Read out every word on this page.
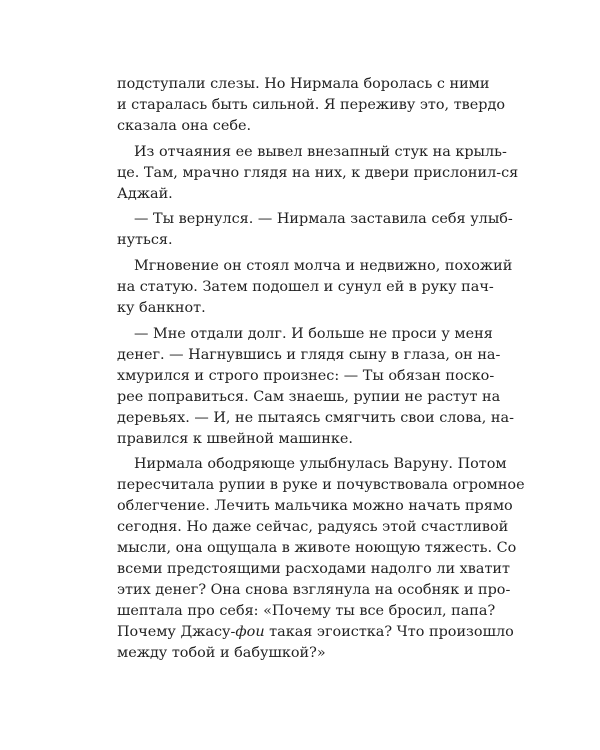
подступали слезы. Но Нирмала боролась с ними
и старалась быть сильной. Я переживу это, твердо
сказала она себе.
Из отчаяния ее вывел внезапный стук на крыль-
це. Там, мрачно глядя на них, к двери прислонил-ся
Аджай.
— Ты вернулся. — Нирмала заставила себя улыб-
нуться.
Мгновение он стоял молча и недвижно, похожий
на статую. Затем подошел и сунул ей в руку пач-
ку банкнот.
— Мне отдали долг. И больше не проси у меня
денег. — Нагнувшись и глядя сыну в глаза, он на-
хмурился и строго произнес: — Ты обязан поско-
рее поправиться. Сам знаешь, рупии не растут на
деревьях. — И, не пытаясь смягчить свои слова, на-
правился к швейной машинке.
Нирмала ободряюще улыбнулась Варуну. Потом
пересчитала рупии в руке и почувствовала огромное
облегчение. Лечить мальчика можно начать прямо
сегодня. Но даже сейчас, радуясь этой счастливой
мысли, она ощущала в животе ноющую тяжесть. Со
всеми предстоящими расходами надолго ли хватит
этих денег? Она снова взглянула на особняк и про-
шептала про себя: «Почему ты все бросил, папа?
Почему Джасу-фои такая эгоистка? Что произошло
между тобой и бабушкой?»
